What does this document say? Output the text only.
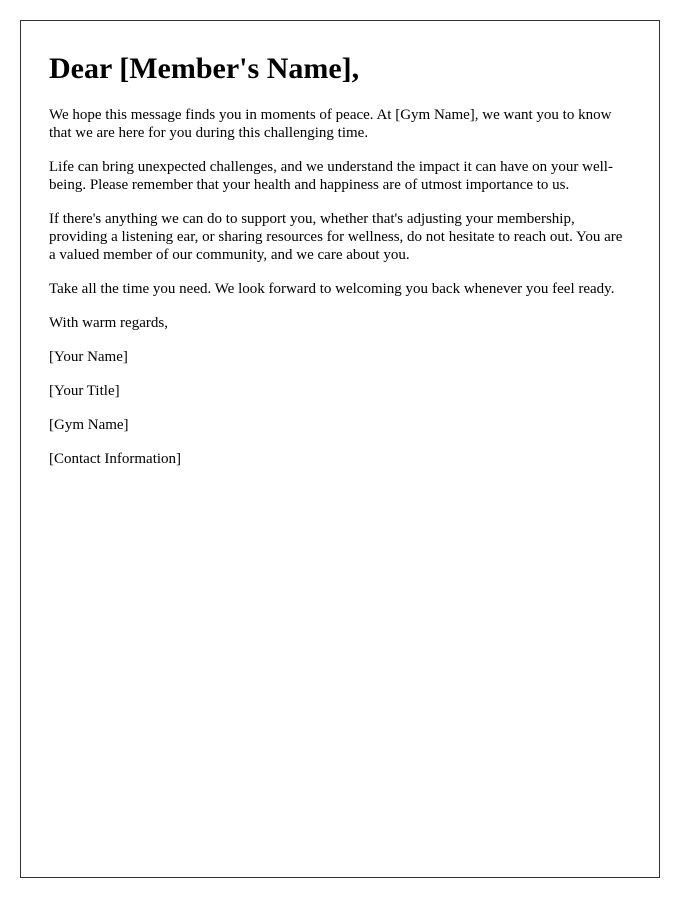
Dear [Member's Name],

We hope this message finds you in moments of peace. At [Gym Name], we want you to know that we are here for you during this challenging time.

Life can bring unexpected challenges, and we understand the impact it can have on your well-being. Please remember that your health and happiness are of utmost importance to us.

If there's anything we can do to support you, whether that's adjusting your membership, providing a listening ear, or sharing resources for wellness, do not hesitate to reach out. You are a valued member of our community, and we care about you.

Take all the time you need. We look forward to welcoming you back whenever you feel ready.

With warm regards,

[Your Name]

[Your Title]

[Gym Name]

[Contact Information]
